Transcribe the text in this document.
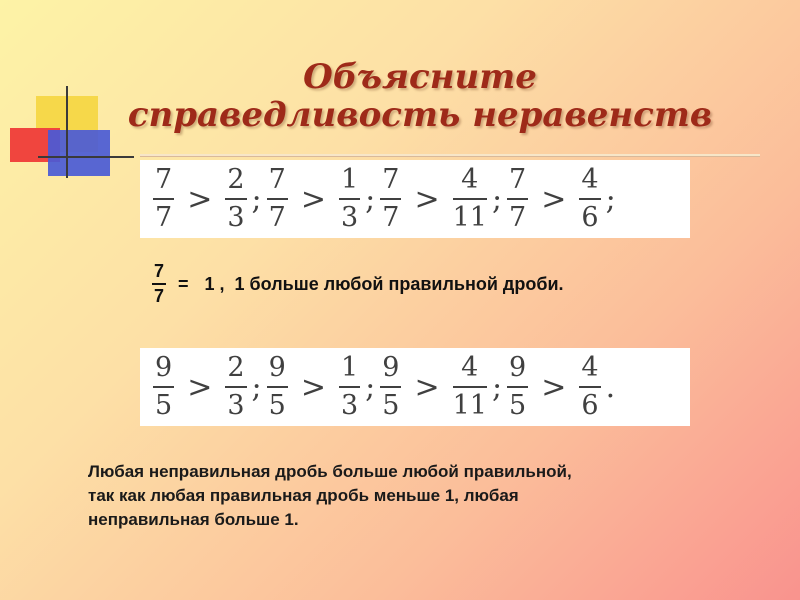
Объясните
справедливость неравенств
$\frac{7}{7} > \frac{2}{3}$ ; $\frac{7}{7} > \frac{1}{3}$ ; $\frac{7}{7} > \frac{4}{11}$ ; $\frac{7}{7} > \frac{4}{6}$ ;
7
7
= 1 , 1 больше любой правильной дроби.
$\frac{9}{5} > \frac{2}{3}$ ; $\frac{9}{5} > \frac{1}{3}$ ; $\frac{9}{5} > \frac{4}{11}$ ; $\frac{9}{5} > \frac{4}{6}$ .
Любая неправильная дробь больше любой правильной,
так как любая правильная дробь меньше 1, любая
неправильная больше 1.
